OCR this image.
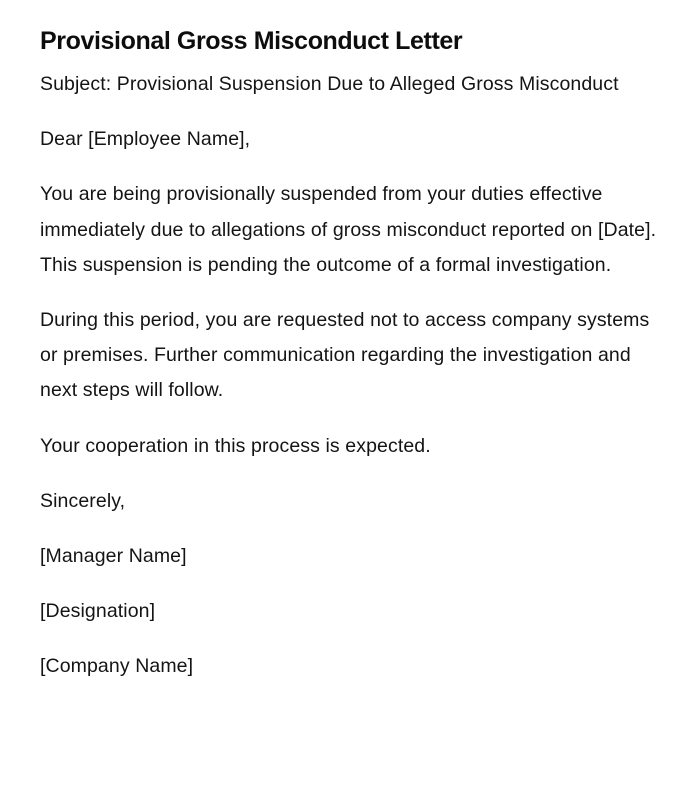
Provisional Gross Misconduct Letter

Subject: Provisional Suspension Due to Alleged Gross Misconduct

Dear [Employee Name],

You are being provisionally suspended from your duties effective immediately due to allegations of gross misconduct reported on [Date]. This suspension is pending the outcome of a formal investigation.

During this period, you are requested not to access company systems or premises. Further communication regarding the investigation and next steps will follow.

Your cooperation in this process is expected.

Sincerely,

[Manager Name]

[Designation]

[Company Name]
